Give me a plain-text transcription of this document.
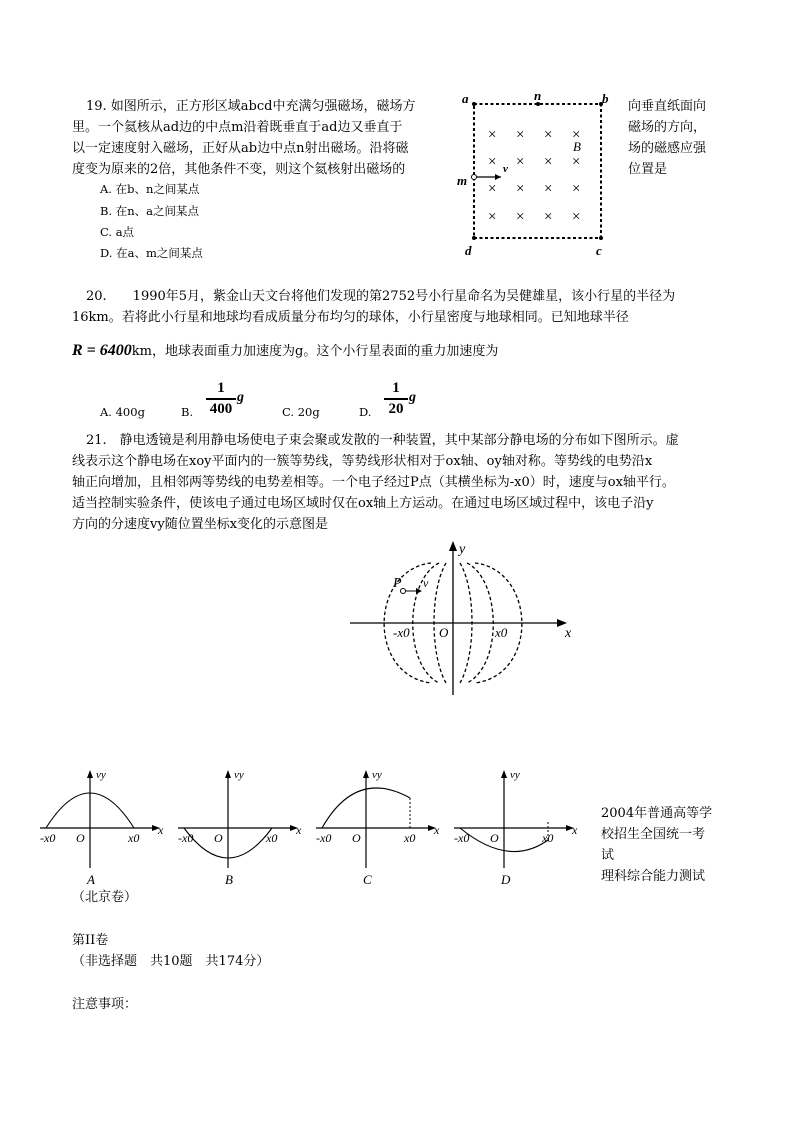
19. 如图所示，正方形区域abcd中充满匀强磁场，磁场方
里。一个氦核从ad边的中点m沿着既垂直于ad边又垂直于
以一定速度射入磁场，正好从ab边中点n射出磁场。沿将磁
度变为原来的2倍，其他条件不变，则这个氦核射出磁场的
向垂直纸面向
磁场的方向，
场的磁感应强
位置是
A. 在b、n之间某点
B. 在n、a之间某点
C. a点
D. 在a、m之间某点
a	n	b
B
v
m
d	c
× × × ×
× × × ×
× × × ×
× × × ×
20.　　1990年5月，紫金山天文台将他们发现的第2752号小行星命名为吴健雄星，该小行星的半径为
16km。若将此小行星和地球均看成质量分布均匀的球体，小行星密度与地球相同。已知地球半径
R = 6400km，地球表面重力加速度为g。这个小行星表面的重力加速度为
A. 400g	B.
1
400
g
C. 20g	D.
1
20
g
21.　静电透镜是利用静电场使电子束会聚或发散的一种装置，其中某部分静电场的分布如下图所示。虚
线表示这个静电场在xoy平面内的一簇等势线，等势线形状相对于ox轴、oy轴对称。等势线的电势沿x
轴正向增加，且相邻两等势线的电势差相等。一个电子经过P点（其横坐标为-x0）时，速度与ox轴平行。
适当控制实验条件，使该电子通过电场区域时仅在ox轴上方运动。在通过电场区域过程中，该电子沿y
方向的分速度vy随位置坐标x变化的示意图是
y
x
P v
O
-x0	x0
vy
-x0 O	x0
x
A
vy
-x0 O	x0
x
B
vy
-x0 O	x0
x
C
vy
-x0 O	x0
x
D
2004年普通高等学
校招生全国统一考
试
理科综合能力测试
（北京卷）
第II卷
（非选择题　共10题　共174分）
注意事项：
